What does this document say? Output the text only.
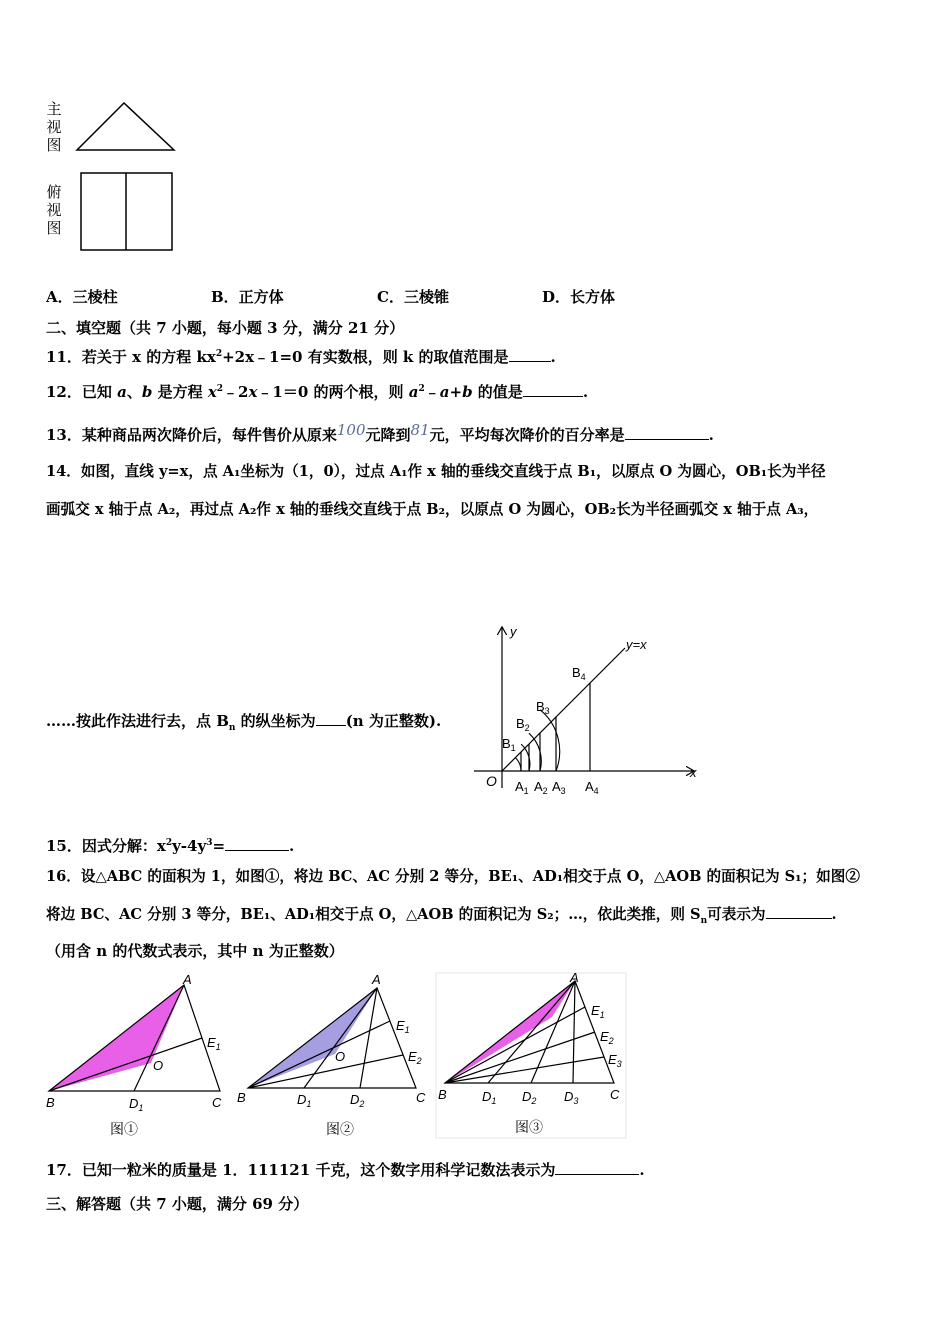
主
视
图
俯
视
图
A．三棱柱	B．正方体	C．三棱锥	D．长方体
二、填空题（共 7 小题，每小题 3 分，满分 21 分）
11．若关于 x 的方程 $kx^2+2x﹣1=0$ 有实数根，则 k 的取值范围是	.
12．已知 a、b 是方程 $x^2﹣2x﹣1=0$ 的两个根，则 $a^2﹣a+b$ 的值是	.
13．某种商品两次降价后，每件售价从原来100元降到81元，平均每次降价的百分率是	.
14．如图，直线 y=x，点 A₁坐标为（1，0），过点 A₁作 x 轴的垂线交直线于点 B₁，以原点 O 为圆心，OB₁长为半径
画弧交 x 轴于点 A₂，再过点 A₂作 x 轴的垂线交直线于点 B₂，以原点 O 为圆心，OB₂长为半径画弧交 x 轴于点 A₃，
……按此作法进行去，点 $B_n$ 的纵坐标为 (n 为正整数).
y
x
y=x
O $A_1$ $A_2$ $A_3$ $A_4$
$B_1$
$B_2$
$B_3$
$B_4$
15．因式分解：$x^2y-4y^3=$	.
16．设△ABC 的面积为 1，如图①，将边 BC、AC 分别 2 等分，BE₁、AD₁相交于点 O，△AOB 的面积记为 S₁；如图②
将边 BC、AC 分别 3 等分，BE₁、AD₁相交于点 O，△AOB 的面积记为 S₂；…，依此类推，则 $S_n$可表示为	.
（用含 n 的代数式表示，其中 n 为正整数）
A
B	C
O
$E_1$
$D_1$
图①
A
B	C
O
$E_1$
$E_2$
$D_1$	$D_2$
图②
A
B	C
$E_1$
$E_2$
$E_3$
$D_1$ $D_2$ $D_3$
图③
17．已知一粒米的质量是 1．111121 千克，这个数字用科学记数法表示为	.
三、解答题（共 7 小题，满分 69 分）
